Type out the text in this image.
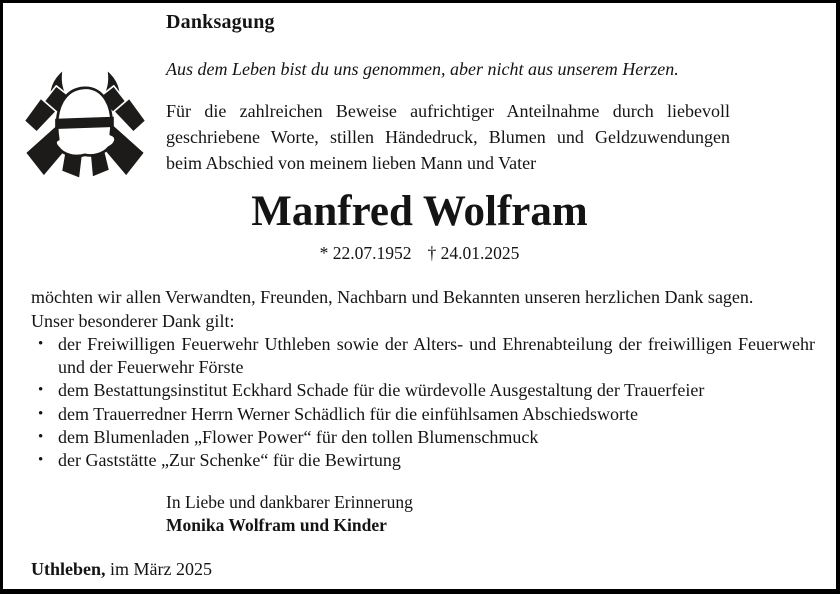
Danksagung
Aus dem Leben bist du uns genommen, aber nicht aus unserem Herzen.
Für die zahlreichen Beweise aufrichtiger Anteilnahme durch liebevoll geschriebene Worte, stillen Händedruck, Blumen und Geldzuwendungen beim Abschied von meinem lieben Mann und Vater
Manfred Wolfram
* 22.07.1952 † 24.01.2025
möchten wir allen Verwandten, Freunden, Nachbarn und Bekannten unseren herzlichen Dank sagen.
Unser besonderer Dank gilt:
• der Freiwilligen Feuerwehr Uthleben sowie der Alters- und Ehrenabteilung der freiwilligen Feuerwehr und der Feuerwehr Förste
• dem Bestattungsinstitut Eckhard Schade für die würdevolle Ausgestaltung der Trauerfeier
• dem Trauerredner Herrn Werner Schädlich für die einfühlsamen Abschiedsworte
• dem Blumenladen „Flower Power“ für den tollen Blumenschmuck
• der Gaststätte „Zur Schenke“ für die Bewirtung
In Liebe und dankbarer Erinnerung
Monika Wolfram und Kinder
Uthleben, im März 2025
